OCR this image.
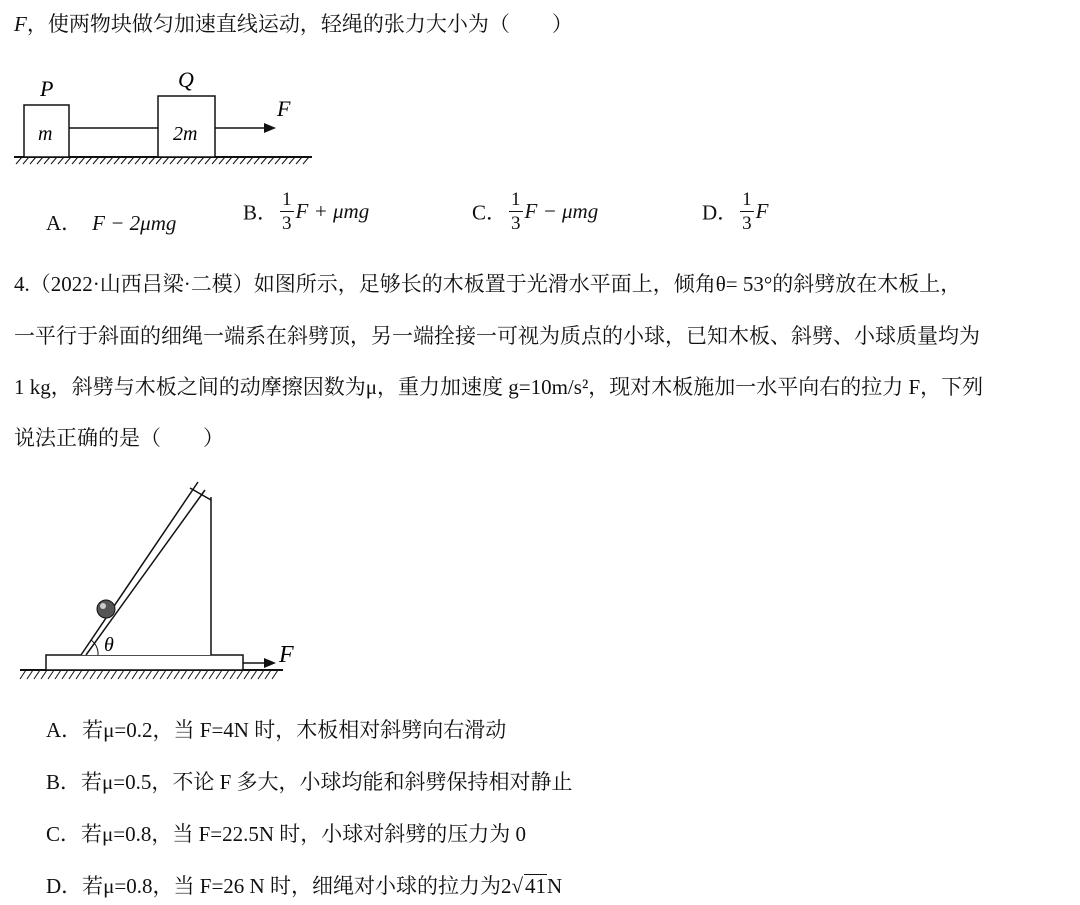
F，使两物块做匀加速直线运动，轻绳的张力大小为（　　）
P	Q
m	2m
F
A． F − 2μmg	B． $\frac{1}{3}$ F + μmg	C． $\frac{1}{3}$ F − μmg	D． $\frac{1}{3}$ F
4.（2022·山西吕梁·二模）如图所示，足够长的木板置于光滑水平面上，倾角θ= 53°的斜劈放在木板上，
一平行于斜面的细绳一端系在斜劈顶，另一端拴接一可视为质点的小球，已知木板、斜劈、小球质量均为
1 kg，斜劈与木板之间的动摩擦因数为μ，重力加速度 g=10m/s²，现对木板施加一水平向右的拉力 F，下列
说法正确的是（　　）
θ	F
A．若μ=0.2，当 F=4N 时，木板相对斜劈向右滑动
B．若μ=0.5，不论 F 多大，小球均能和斜劈保持相对静止
C．若μ=0.8，当 F=22.5N 时，小球对斜劈的压力为 0
D．若μ=0.8，当 F=26 N 时，细绳对小球的拉力为2√41N
